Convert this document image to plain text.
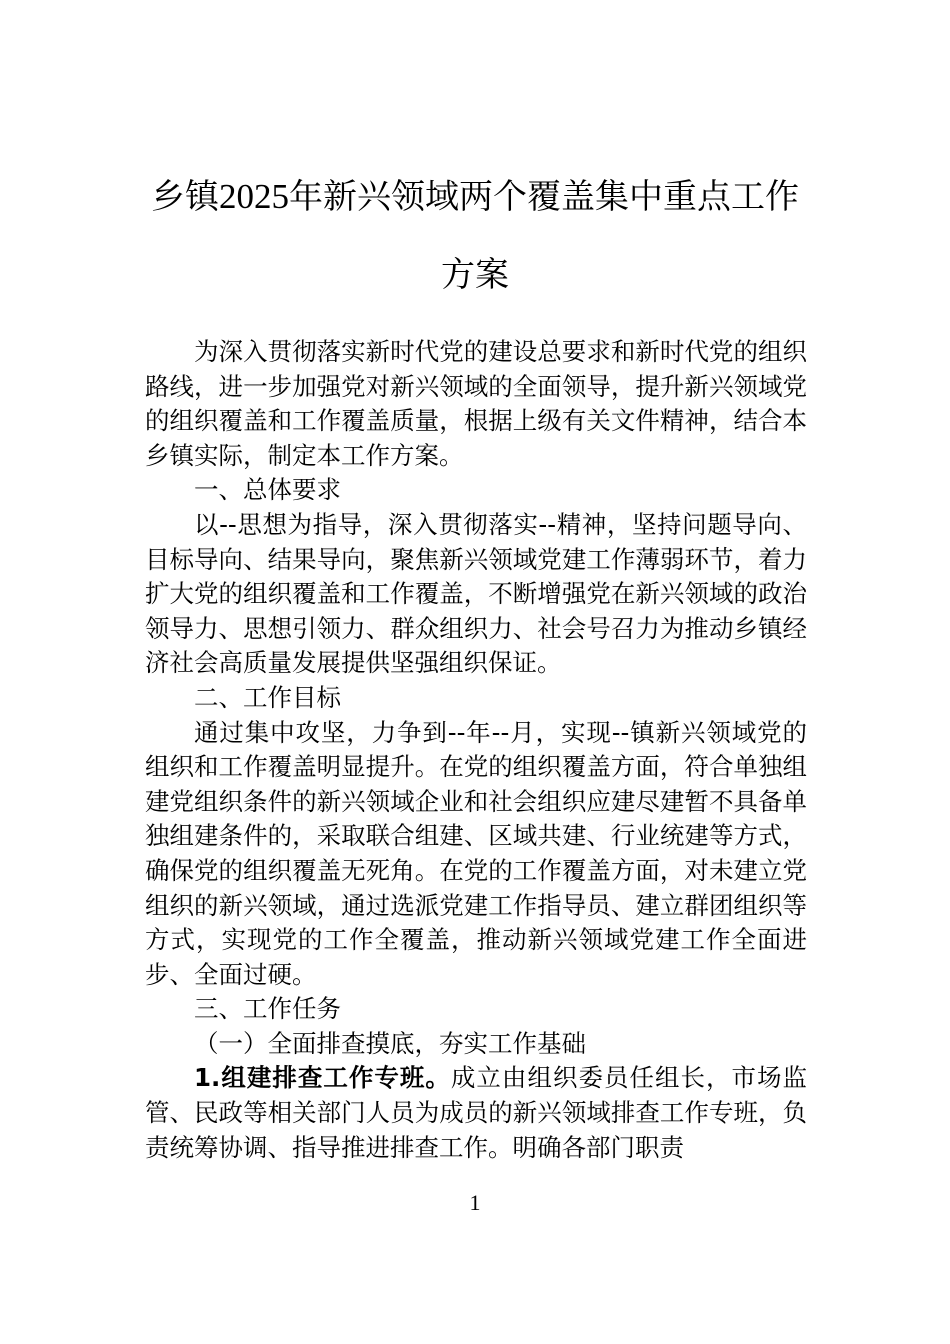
乡镇2025年新兴领域两个覆盖集中重点工作方案

为深入贯彻落实新时代党的建设总要求和新时代党的组织路线，进一步加强党对新兴领域的全面领导，提升新兴领域党的组织覆盖和工作覆盖质量，根据上级有关文件精神，结合本乡镇实际，制定本工作方案。

一、总体要求

以--思想为指导，深入贯彻落实--精神，坚持问题导向、目标导向、结果导向，聚焦新兴领域党建工作薄弱环节，着力扩大党的组织覆盖和工作覆盖，不断增强党在新兴领域的政治领导力、思想引领力、群众组织力、社会号召力为推动乡镇经济社会高质量发展提供坚强组织保证。

二、工作目标

通过集中攻坚，力争到--年--月，实现--镇新兴领域党的组织和工作覆盖明显提升。在党的组织覆盖方面，符合单独组建党组织条件的新兴领域企业和社会组织应建尽建暂不具备单独组建条件的，采取联合组建、区域共建、行业统建等方式，确保党的组织覆盖无死角。在党的工作覆盖方面，对未建立党组织的新兴领域，通过选派党建工作指导员、建立群团组织等方式，实现党的工作全覆盖，推动新兴领域党建工作全面进步、全面过硬。

三、工作任务

（一）全面排查摸底，夯实工作基础

1.组建排查工作专班。成立由组织委员任组长，市场监管、民政等相关部门人员为成员的新兴领域排查工作专班，负责统筹协调、指导推进排查工作。明确各部门职责

1
